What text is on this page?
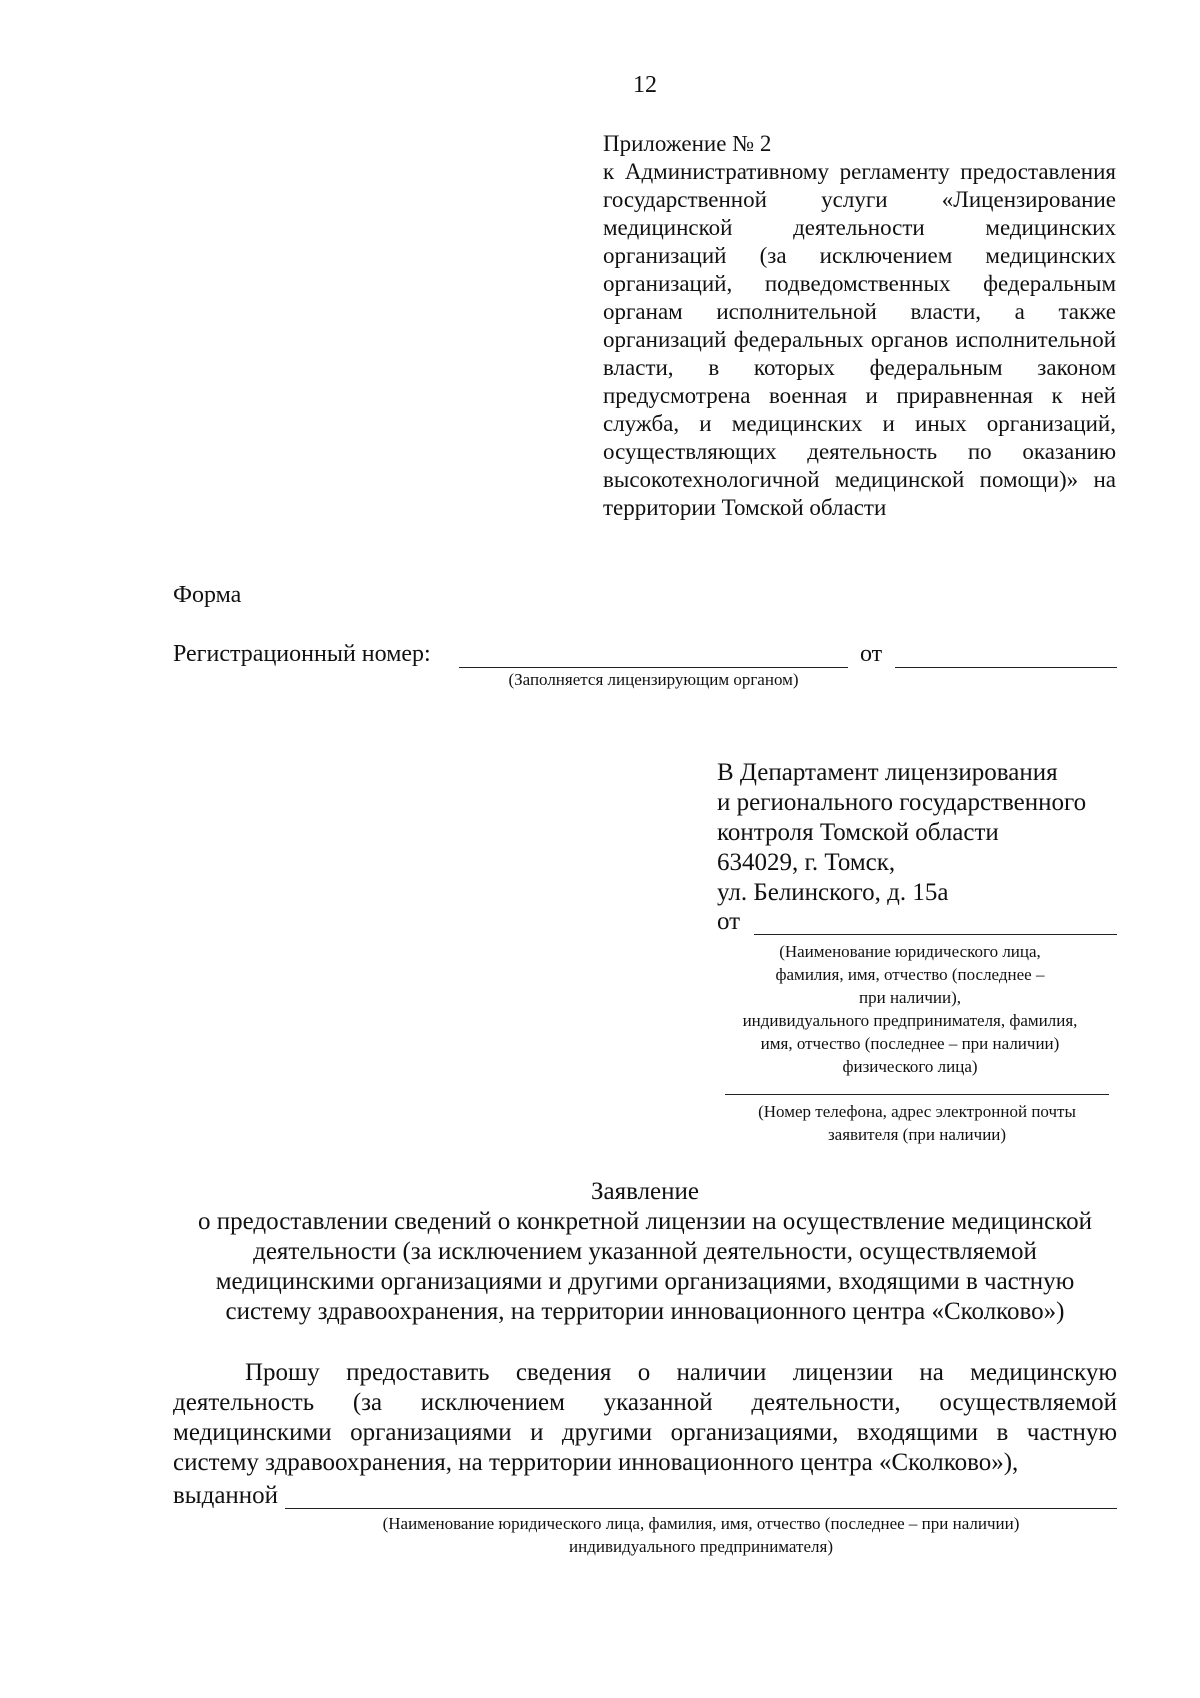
12
Приложение № 2
к Административному регламенту предоставления государственной услуги «Лицензирование медицинской деятельности медицинских организаций (за исключением медицинских организаций, подведомственных федеральным органам исполнительной власти, а также организаций федеральных органов исполнительной власти, в которых федеральным законом предусмотрена военная и приравненная к ней служба, и медицинских и иных организаций, осуществляющих деятельность по оказанию высокотехнологичной медицинской помощи)» на территории Томской области
Форма
Регистрационный номер:	от
(Заполняется лицензирующим органом)
В Департамент лицензирования
и регионального государственного
контроля Томской области
634029, г. Томск,
ул. Белинского, д. 15а
от
(Наименование юридического лица,
фамилия, имя, отчество (последнее –
при наличии),
индивидуального предпринимателя, фамилия,
имя, отчество (последнее – при наличии)
физического лица)
(Номер телефона, адрес электронной почты
заявителя (при наличии)
Заявление
о предоставлении сведений о конкретной лицензии на осуществление медицинской деятельности (за исключением указанной деятельности, осуществляемой медицинскими организациями и другими организациями, входящими в частную систему здравоохранения, на территории инновационного центра «Сколково»)
Прошу предоставить сведения о наличии лицензии на медицинскую деятельность (за исключением указанной деятельности, осуществляемой медицинскими организациями и другими организациями, входящими в частную систему здравоохранения, на территории инновационного центра «Сколково»),
выданной
(Наименование юридического лица, фамилия, имя, отчество (последнее – при наличии)
индивидуального предпринимателя)
